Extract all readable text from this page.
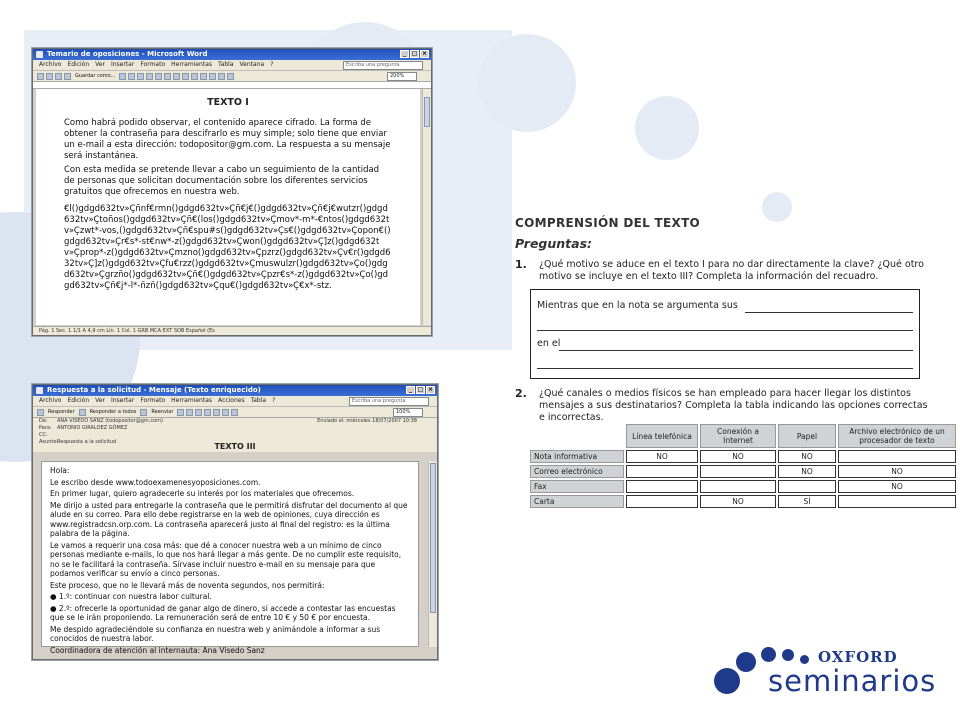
Temario de oposiciones - Microsoft Word	_ □ ×
Archivo Edición Ver Insertar Formato Herramientas Tabla Ventana ?	Escriba una pregunta
Guardar como...	200%
TEXTO I

Como habrá podido observar, el contenido aparece cifrado. La forma de obtener la contraseña para descifrarlo es muy simple; solo tiene que enviar un e-mail a esta dirección: todopositor@gm.com. La respuesta a su mensaje será instantánea.

Con esta medida se pretende llevar a cabo un seguimiento de la cantidad de personas que solicitan documentación sobre los diferentes servicios gratuitos que ofrecemos en nuestra web.

€l()gdgd632tv»Çñnf€rmn()gdgd632tv»Çñ€j€()gdgd632tv»Çñ€j€wutzr()gdgd632tv»Çtoños()gdgd632tv»Çñ€(los()gdgd632tv»Çmov*-m*-€ntos()gdgd632tv»Çzwt*-vos,()gdgd632tv»Çñ€spu#s()gdgd632tv»Çs€()gdgd632tv»Çopon€()gdgd632tv»Çr€s*-st€nw*-z()gdgd632tv»Çwon()gdgd632tv»Ç]z()gdgd632tv»Çprop*-z()gdgd632tv»Çmzno()gdgd632tv»Çpzrz()gdgd632tv»Çv€r()gdgd632tv»Ç]z()gdgd632tv»Çfu€rzz()gdgd632tv»Çmuswulzr()gdgd632tv»Ço()gdgd632tv»Çgrzño()gdgd632tv»Çñ€()gdgd632tv»Çpzr€s*-z()gdgd632tv»Ço()gdgd632tv»Çñ€j*-l*-ñzñ()gdgd632tv»Çqu€()gdgd632tv»Ç€x*-stz.

Pág. 1 Sec. 1 1/1 A 4,9 cm Lín. 1 Col. 1 GRB MCA EXT SOB Español (Es
Respuesta a la solicitud - Mensaje (Texto enriquecido)	_ □ ×
Archivo Edición Ver Insertar Formato Herramientas Acciones Tabla ?	Escriba una pregunta
Responder	Responder a todos	Reenviar	100%
Enviado el: miércoles 18/07/2007 10:38
De:	ANA VISEDO SANZ (todopositor@gm.com)
Para:	ANTONIO GIRALDEZ GÓMEZ
CC:
Asunto:
Respuesta a la solicitud	TEXTO III

Hola:

Le escribo desde www.todoexamenesyoposiciones.com.

En primer lugar, quiero agradecerle su interés por los materiales que ofrecemos.

Me dirijo a usted para entregarle la contraseña que le permitirá disfrutar del documento al que alude en su correo. Para ello debe registrarse en la web de opiniones, cuya dirección es www.registradcsn.orp.com. La contraseña aparecerá justo al final del registro: es la última palabra de la página.

Le vamos a requerir una cosa más: que dé a conocer nuestra web a un mínimo de cinco personas mediante e-mails, lo que nos hará llegar a más gente. De no cumplir este requisito, no se le facilitará la contraseña. Sírvase incluir nuestro e-mail en su mensaje para que podamos verificar su envío a cinco personas.

Este proceso, que no le llevará más de noventa segundos, nos permitirá:

● 1.º: continuar con nuestra labor cultural.

● 2.º: ofrecerle la oportunidad de ganar algo de dinero, si accede a contestar las encuestas que se le irán proponiendo. La remuneración será de entre 10 € y 50 € por encuesta.

Me despido agradeciéndole su confianza en nuestra web y animándole a informar a sus conocidos de nuestra labor.

Coordinadora de atención al internauta: Ana Visedo Sanz

COMPRENSIÓN DEL TEXTO
Preguntas:
1.	¿Qué motivo se aduce en el texto I para no dar directamente la clave? ¿Qué otro motivo se incluye en el texto III? Completa la información del recuadro.
Mientras que en la nota se argumenta sus
en el
2.	¿Qué canales o medios físicos se han empleado para hacer llegar los distintos mensajes a sus destinatarios? Completa la tabla indicando las opciones correctas e incorrectas.
	Línea telefónica	Conexión a Internet	Papel	Archivo electrónico de un procesador de texto
Nota informativa	NO	NO	NO	
Correo electrónico			NO	NO
Fax				NO
Carta		NO	SÍ	
OXFORD
seminarios
